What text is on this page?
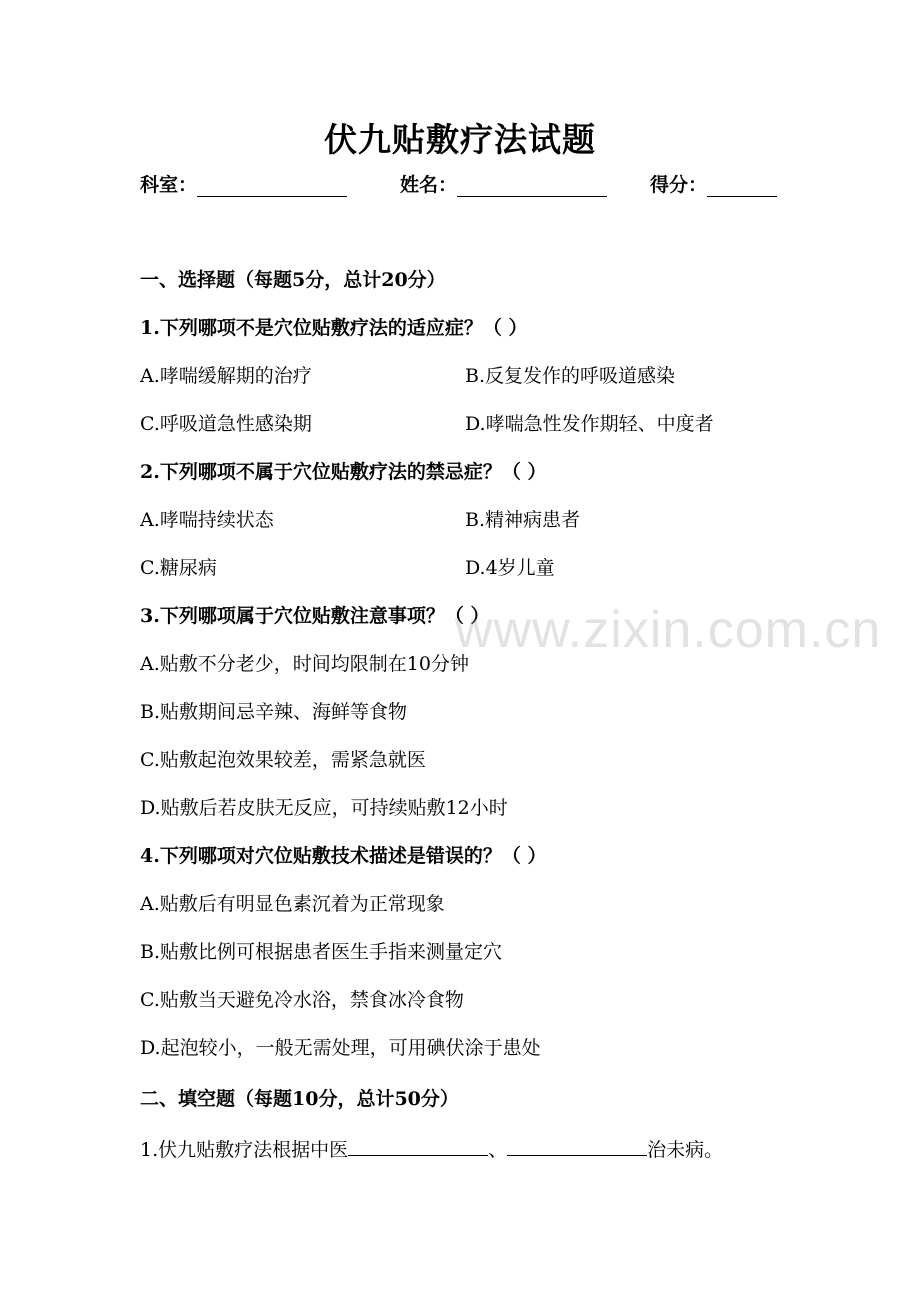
伏九贴敷疗法试题
科室：	姓名：	得分：
一、选择题（每题5分，总计20分）
1.下列哪项不是穴位贴敷疗法的适应症？（ ）
A.哮喘缓解期的治疗	B.反复发作的呼吸道感染
C.呼吸道急性感染期	D.哮喘急性发作期轻、中度者
2.下列哪项不属于穴位贴敷疗法的禁忌症？（ ）
A.哮喘持续状态	B.精神病患者
C.糖尿病	D.4岁儿童
3.下列哪项属于穴位贴敷注意事项？（ ）
A.贴敷不分老少，时间均限制在10分钟
B.贴敷期间忌辛辣、海鲜等食物
C.贴敷起泡效果较差，需紧急就医
D.贴敷后若皮肤无反应，可持续贴敷12小时
4.下列哪项对穴位贴敷技术描述是错误的？（ ）
A.贴敷后有明显色素沉着为正常现象
B.贴敷比例可根据患者医生手指来测量定穴
C.贴敷当天避免冷水浴，禁食冰冷食物
D.起泡较小，一般无需处理，可用碘伏涂于患处
二、填空题（每题10分，总计50分）
1.伏九贴敷疗法根据中医	、	治未病。
www.zixin.com.cn
